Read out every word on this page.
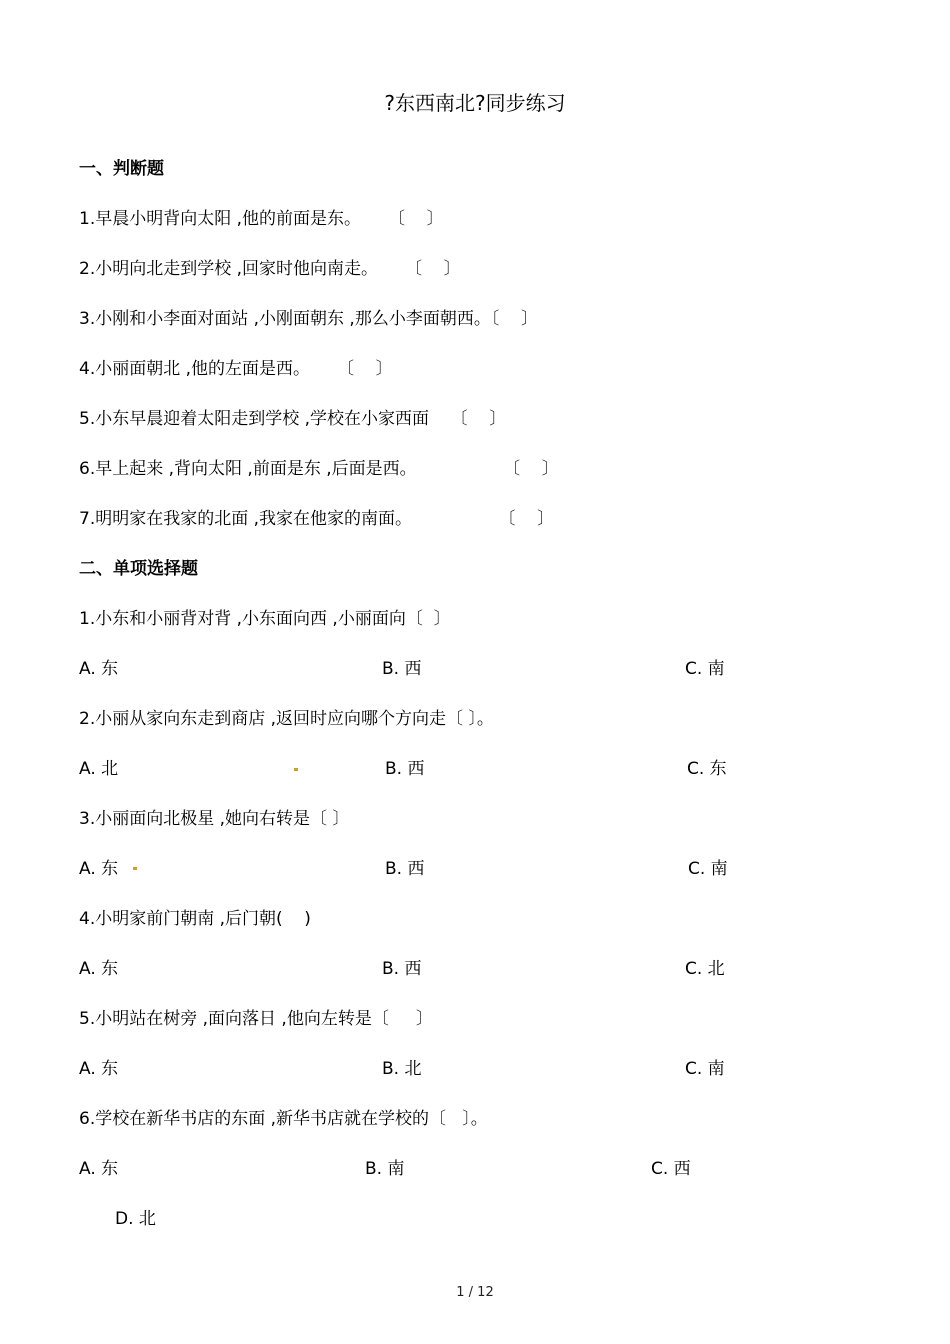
?东西南北?同步练习
一、判断题
1.早晨小明背向太阳 ,他的前面是东。     〔    〕
2.小明向北走到学校 ,回家时他向南走。     〔    〕
3.小刚和小李面对面站 ,小刚面朝东 ,那么小李面朝西。〔    〕
4.小丽面朝北 ,他的左面是西。     〔    〕
5.小东早晨迎着太阳走到学校 ,学校在小家西面    〔    〕
6.早上起来 ,背向太阳 ,前面是东 ,后面是西。                〔    〕
7.明明家在我家的北面 ,我家在他家的南面。                〔    〕
二、单项选择题
1.小东和小丽背对背 ,小东面向西 ,小丽面向〔  〕
A. 东	B. 西	C. 南
2.小丽从家向东走到商店 ,返回时应向哪个方向走〔 〕。
A. 北	B. 西	C. 东
3.小丽面向北极星 ,她向右转是〔 〕
A. 东	B. 西	C. 南
4.小明家前门朝南 ,后门朝(    )
A. 东	B. 西	C. 北
5.小明站在树旁 ,面向落日 ,他向左转是〔     〕
A. 东	B. 北	C. 南
6.学校在新华书店的东面 ,新华书店就在学校的〔   〕。
A. 东	B. 南	C. 西
D. 北
1 / 12
